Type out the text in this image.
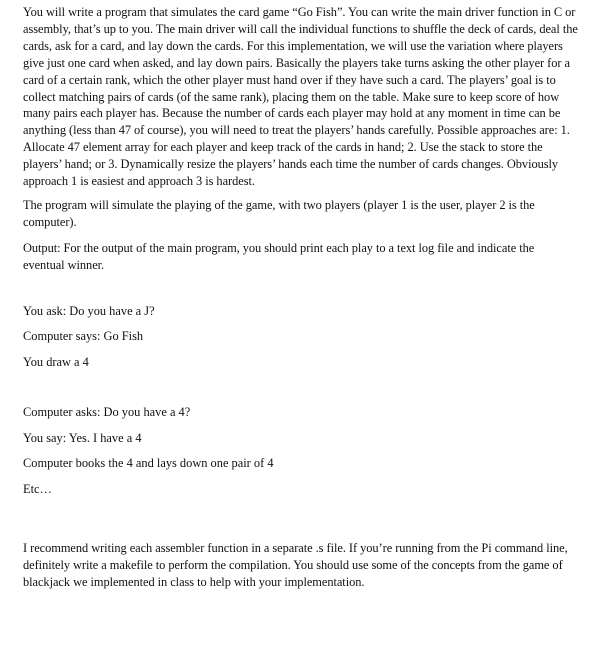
You will write a program that simulates the card game “Go Fish”. You can write the main driver function in C or assembly, that’s up to you. The main driver will call the individual functions to shuffle the deck of cards, deal the cards, ask for a card, and lay down the cards. For this implementation, we will use the variation where players give just one card when asked, and lay down pairs. Basically the players take turns asking the other player for a card of a certain rank, which the other player must hand over if they have such a card. The players’ goal is to collect matching pairs of cards (of the same rank), placing them on the table. Make sure to keep score of how many pairs each player has. Because the number of cards each player may hold at any moment in time can be anything (less than 47 of course), you will need to treat the players’ hands carefully. Possible approaches are: 1. Allocate 47 element array for each player and keep track of the cards in hand; 2. Use the stack to store the players’ hand; or 3. Dynamically resize the players’ hands each time the number of cards changes. Obviously approach 1 is easiest and approach 3 is hardest.

The program will simulate the playing of the game, with two players (player 1 is the user, player 2 is the computer).

Output: For the output of the main program, you should print each play to a text log file and indicate the eventual winner.

You ask: Do you have a J?

Computer says: Go Fish

You draw a 4

Computer asks: Do you have a 4?

You say: Yes. I have a 4

Computer books the 4 and lays down one pair of 4

Etc…

I recommend writing each assembler function in a separate .s file. If you’re running from the Pi command line, definitely write a makefile to perform the compilation. You should use some of the concepts from the game of blackjack we implemented in class to help with your implementation.
